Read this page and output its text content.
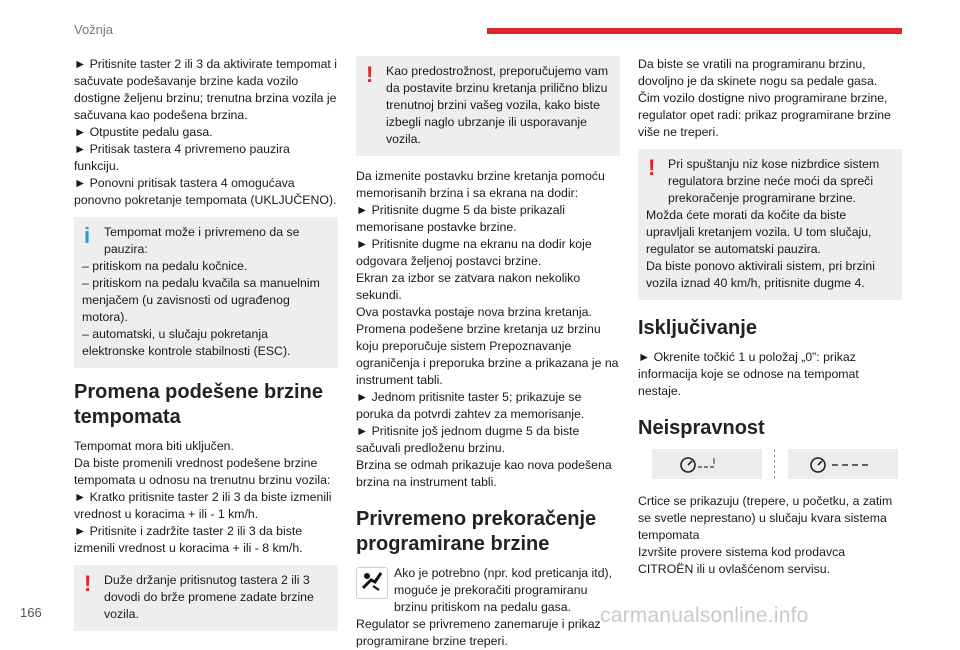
Vožnja

► Pritisnite taster 2 ili 3 da aktivirate tempomat i sačuvate podešavanje brzine kada vozilo dostigne željenu brzinu; trenutna brzina vozila je sačuvana kao podešena brzina.

► Otpustite pedalu gasa.

► Pritisak tastera 4 privremeno pauzira funkciju.

► Ponovni pritisak tastera 4 omogućava ponovno pokretanje tempomata (UKLJUČENO).

i	Tempomat može i privremeno da se pauzira:
– pritiskom na pedalu kočnice.
– pritiskom na pedalu kvačila sa manuelnim menjačem (u zavisnosti od ugrađenog motora).
– automatski, u slučaju pokretanja elektronske kontrole stabilnosti (ESC).
Promena podešene brzine tempomata

Tempomat mora biti uključen.

Da biste promenili vrednost podešene brzine tempomata u odnosu na trenutnu brzinu vozila:

► Kratko pritisnite taster 2 ili 3 da biste izmenili vrednost u koracima + ili - 1 km/h.

► Pritisnite i zadržite taster 2 ili 3 da biste izmenili vrednost u koracima + ili - 8 km/h.

!	Duže držanje pritisnutog tastera 2 ili 3 dovodi do brže promene zadate brzine vozila.
!	Kao predostrožnost, preporučujemo vam da postavite brzinu kretanja prilično blizu trenutnoj brzini vašeg vozila, kako biste izbegli naglo ubrzanje ili usporavanje vozila.

Da izmenite postavku brzine kretanja pomoću memorisanih brzina i sa ekrana na dodir:

► Pritisnite dugme 5 da biste prikazali memorisane postavke brzine.

► Pritisnite dugme na ekranu na dodir koje odgovara željenoj postavci brzine.

Ekran za izbor se zatvara nakon nekoliko sekundi.

Ova postavka postaje nova brzina kretanja.

Promena podešene brzine kretanja uz brzinu koju preporučuje sistem Prepoznavanje ograničenja i preporuka brzine a prikazana je na instrument tabli.

► Jednom pritisnite taster 5; prikazuje se poruka da potvrdi zahtev za memorisanje.

► Pritisnite još jednom dugme 5 da biste sačuvali predloženu brzinu.

Brzina se odmah prikazuje kao nova podešena brzina na instrument tabli.

Privremeno prekoračenje programirane brzine

Ako je potrebno (npr. kod preticanja itd), moguće je prekoračiti programiranu brzinu pritiskom na pedalu gasa.

Regulator se privremeno zanemaruje i prikaz programirane brzine treperi.

Da biste se vratili na programiranu brzinu, dovoljno je da skinete nogu sa pedale gasa. Čim vozilo dostigne nivo programirane brzine, regulator opet radi: prikaz programirane brzine više ne treperi.

!	Pri spuštanju niz kose nizbrdice sistem regulatora brzine neće moći da spreči prekoračenje programirane brzine.
Možda ćete morati da kočite da biste upravljali kretanjem vozila. U tom slučaju, regulator se automatski pauzira.
Da biste ponovo aktivirali sistem, pri brzini vozila iznad 40 km/h, pritisnite dugme 4.
Isključivanje

► Okrenite točkić 1 u položaj „0”: prikaz informacija koje se odnose na tempomat nestaje.

Neispravnost

Crtice se prikazuju (trepere, u početku, a zatim se svetle neprestano) u slučaju kvara sistema tempomata

Izvršite provere sistema kod prodavca CITROËN ili u ovlašćenom servisu.

166	carmanualsonline.info
